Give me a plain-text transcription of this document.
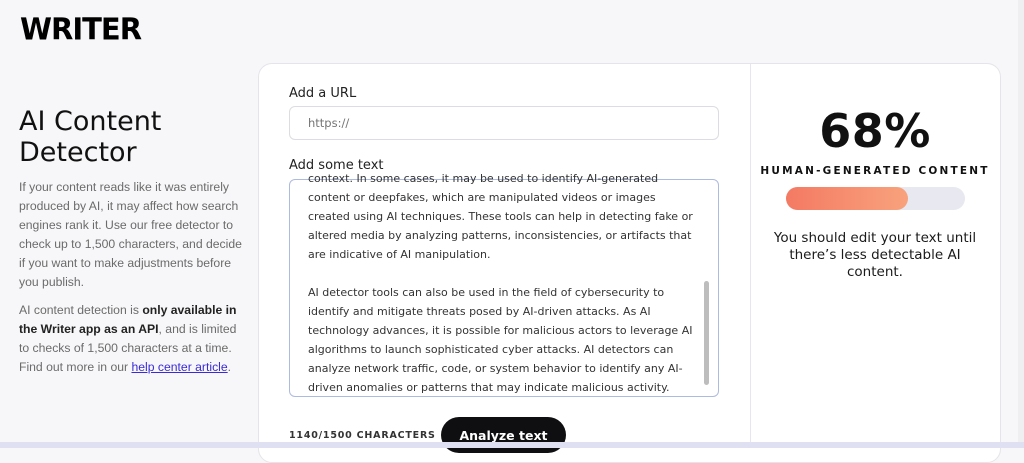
WRITER
AI Content
Detector

If your content reads like it was entirely produced by AI, it may affect how search engines rank it. Use our free detector to check up to 1,500 characters, and decide if you want to make adjustments before you publish.

AI content detection is only available in the Writer app as an API, and is limited to checks of 1,500 characters at a time. Find out more in our help center article.

Add a URL
https://
Add some text

context. In some cases, it may be used to identify AI-generated content or deepfakes, which are manipulated videos or images created using AI techniques. These tools can help in detecting fake or altered media by analyzing patterns, inconsistencies, or artifacts that are indicative of AI manipulation.

AI detector tools can also be used in the field of cybersecurity to identify and mitigate threats posed by AI-driven attacks. As AI technology advances, it is possible for malicious actors to leverage AI algorithms to launch sophisticated cyber attacks. AI detectors can analyze network traffic, code, or system behavior to identify any AI-driven anomalies or patterns that may indicate malicious activity.

1140/1500 CHARACTERS	Analyze text
68%
HUMAN-GENERATED CONTENT
You should edit your text until there’s less detectable AI content.
